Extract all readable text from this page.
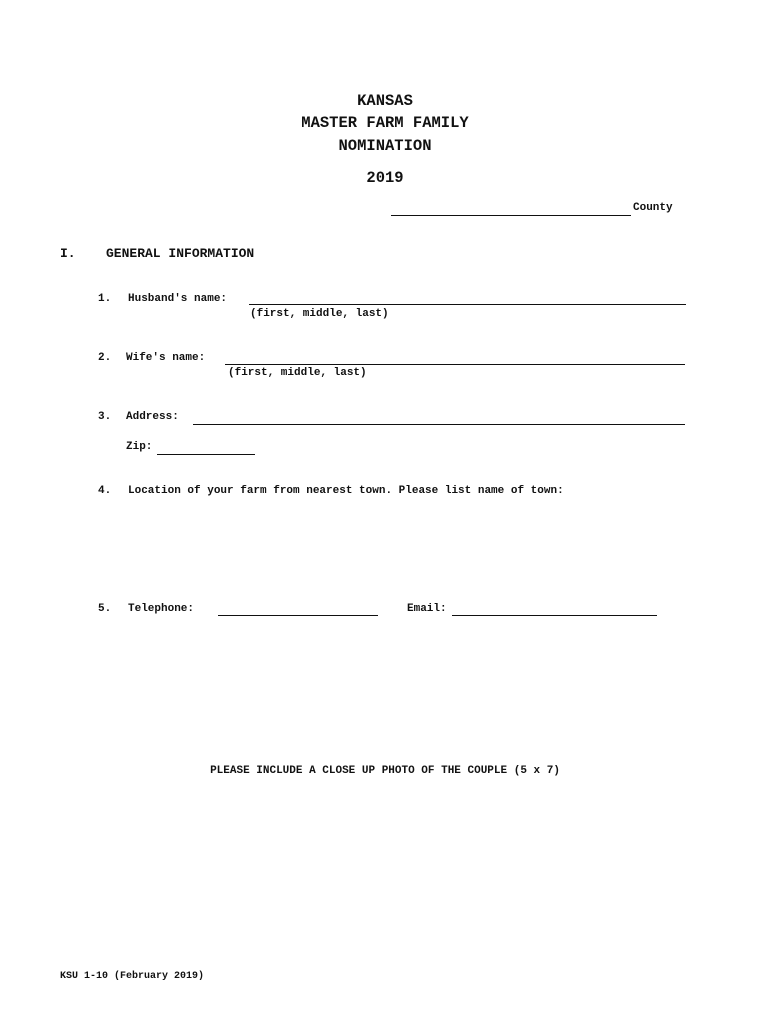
KANSAS
MASTER FARM FAMILY
NOMINATION
2019
County
I. GENERAL INFORMATION
1. Husband's name:
(first, middle, last)
2. Wife's name:
(first, middle, last)
3. Address:
Zip:
4. Location of your farm from nearest town. Please list name of town:
5. Telephone:	Email:
PLEASE INCLUDE A CLOSE UP PHOTO OF THE COUPLE (5 x 7)
KSU 1-10 (February 2019)
